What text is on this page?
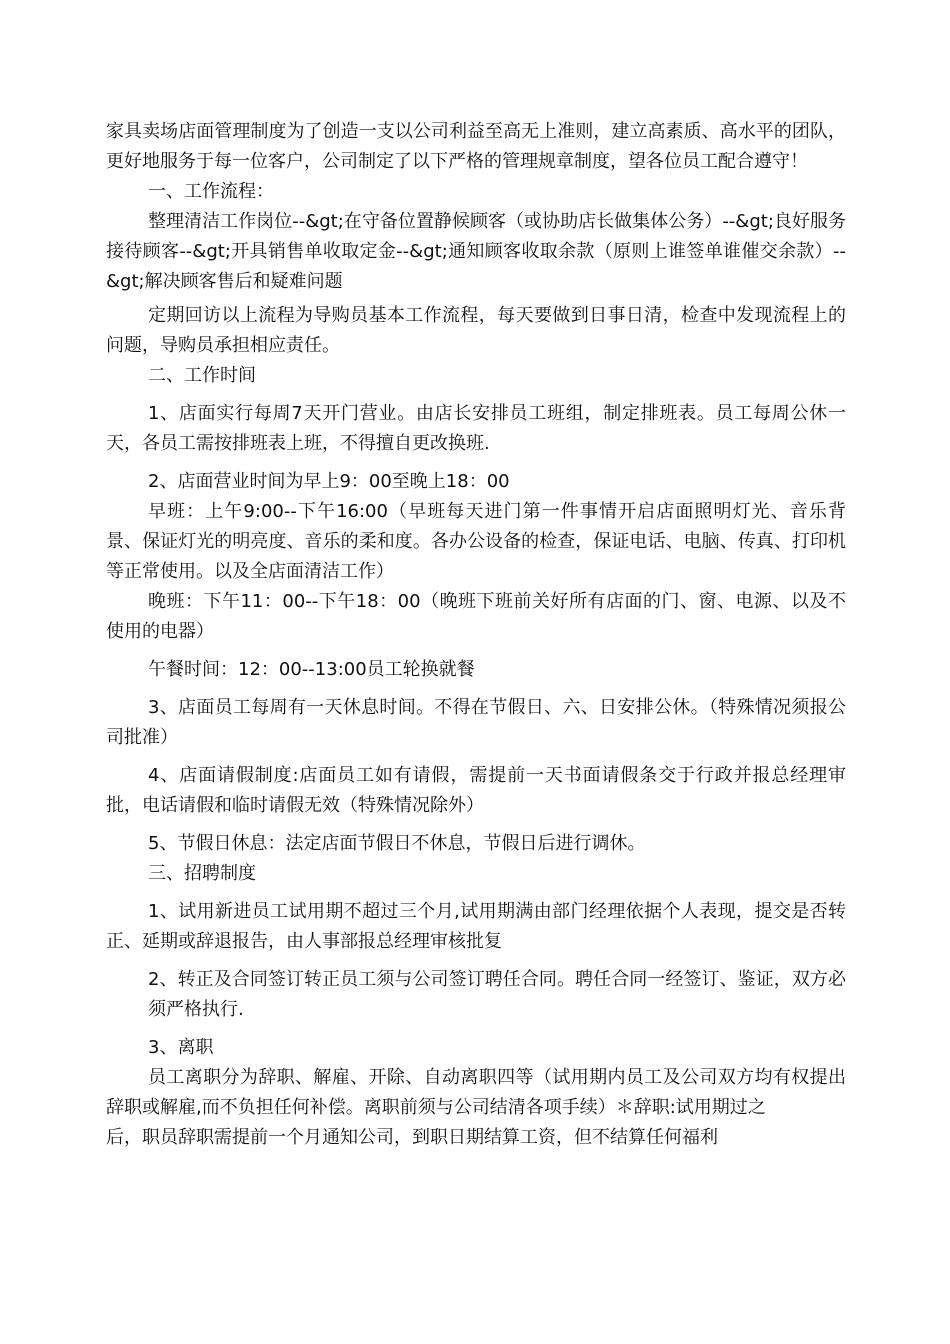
家具卖场店面管理制度为了创造一支以公司利益至高无上准则，建立高素质、高水平的团队，更好地服务于每一位客户，公司制定了以下严格的管理规章制度，望各位员工配合遵守！

一、工作流程：

整理清洁工作岗位--&gt;在守备位置静候顾客（或协助店长做集体公务）--&gt;良好服务接待顾客--&gt;开具销售单收取定金--&gt;通知顾客收取余款（原则上谁签单谁催交余款）--&gt;解决顾客售后和疑难问题

定期回访以上流程为导购员基本工作流程，每天要做到日事日清，检查中发现流程上的问题，导购员承担相应责任。

二、工作时间

1、店面实行每周7天开门营业。由店长安排员工班组，制定排班表。员工每周公休一天，各员工需按排班表上班，不得擅自更改换班.

2、店面营业时间为早上9：00至晚上18：00

早班：上午9:00--下午16:00（早班每天进门第一件事情开启店面照明灯光、音乐背景、保证灯光的明亮度、音乐的柔和度。各办公设备的检查，保证电话、电脑、传真、打印机等正常使用。以及全店面清洁工作）

晚班：下午11：00--下午18：00（晚班下班前关好所有店面的门、窗、电源、以及不使用的电器）

午餐时间：12：00--13:00员工轮换就餐

3、店面员工每周有一天休息时间。不得在节假日、六、日安排公休。（特殊情况须报公司批准）

4、店面请假制度:店面员工如有请假，需提前一天书面请假条交于行政并报总经理审批，电话请假和临时请假无效（特殊情况除外）

5、节假日休息：法定店面节假日不休息，节假日后进行调休。

三、招聘制度

1、试用新进员工试用期不超过三个月,试用期满由部门经理依据个人表现，提交是否转正、延期或辞退报告，由人事部报总经理审核批复

2、转正及合同签订转正员工须与公司签订聘任合同。聘任合同一经签订、鉴证，双方必须严格执行.

3、离职

员工离职分为辞职、解雇、开除、自动离职四等（试用期内员工及公司双方均有权提出辞职或解雇,而不负担任何补偿。离职前须与公司结清各项手续）＊辞职:试用期过之

后，职员辞职需提前一个月通知公司，到职日期结算工资，但不结算任何福利
